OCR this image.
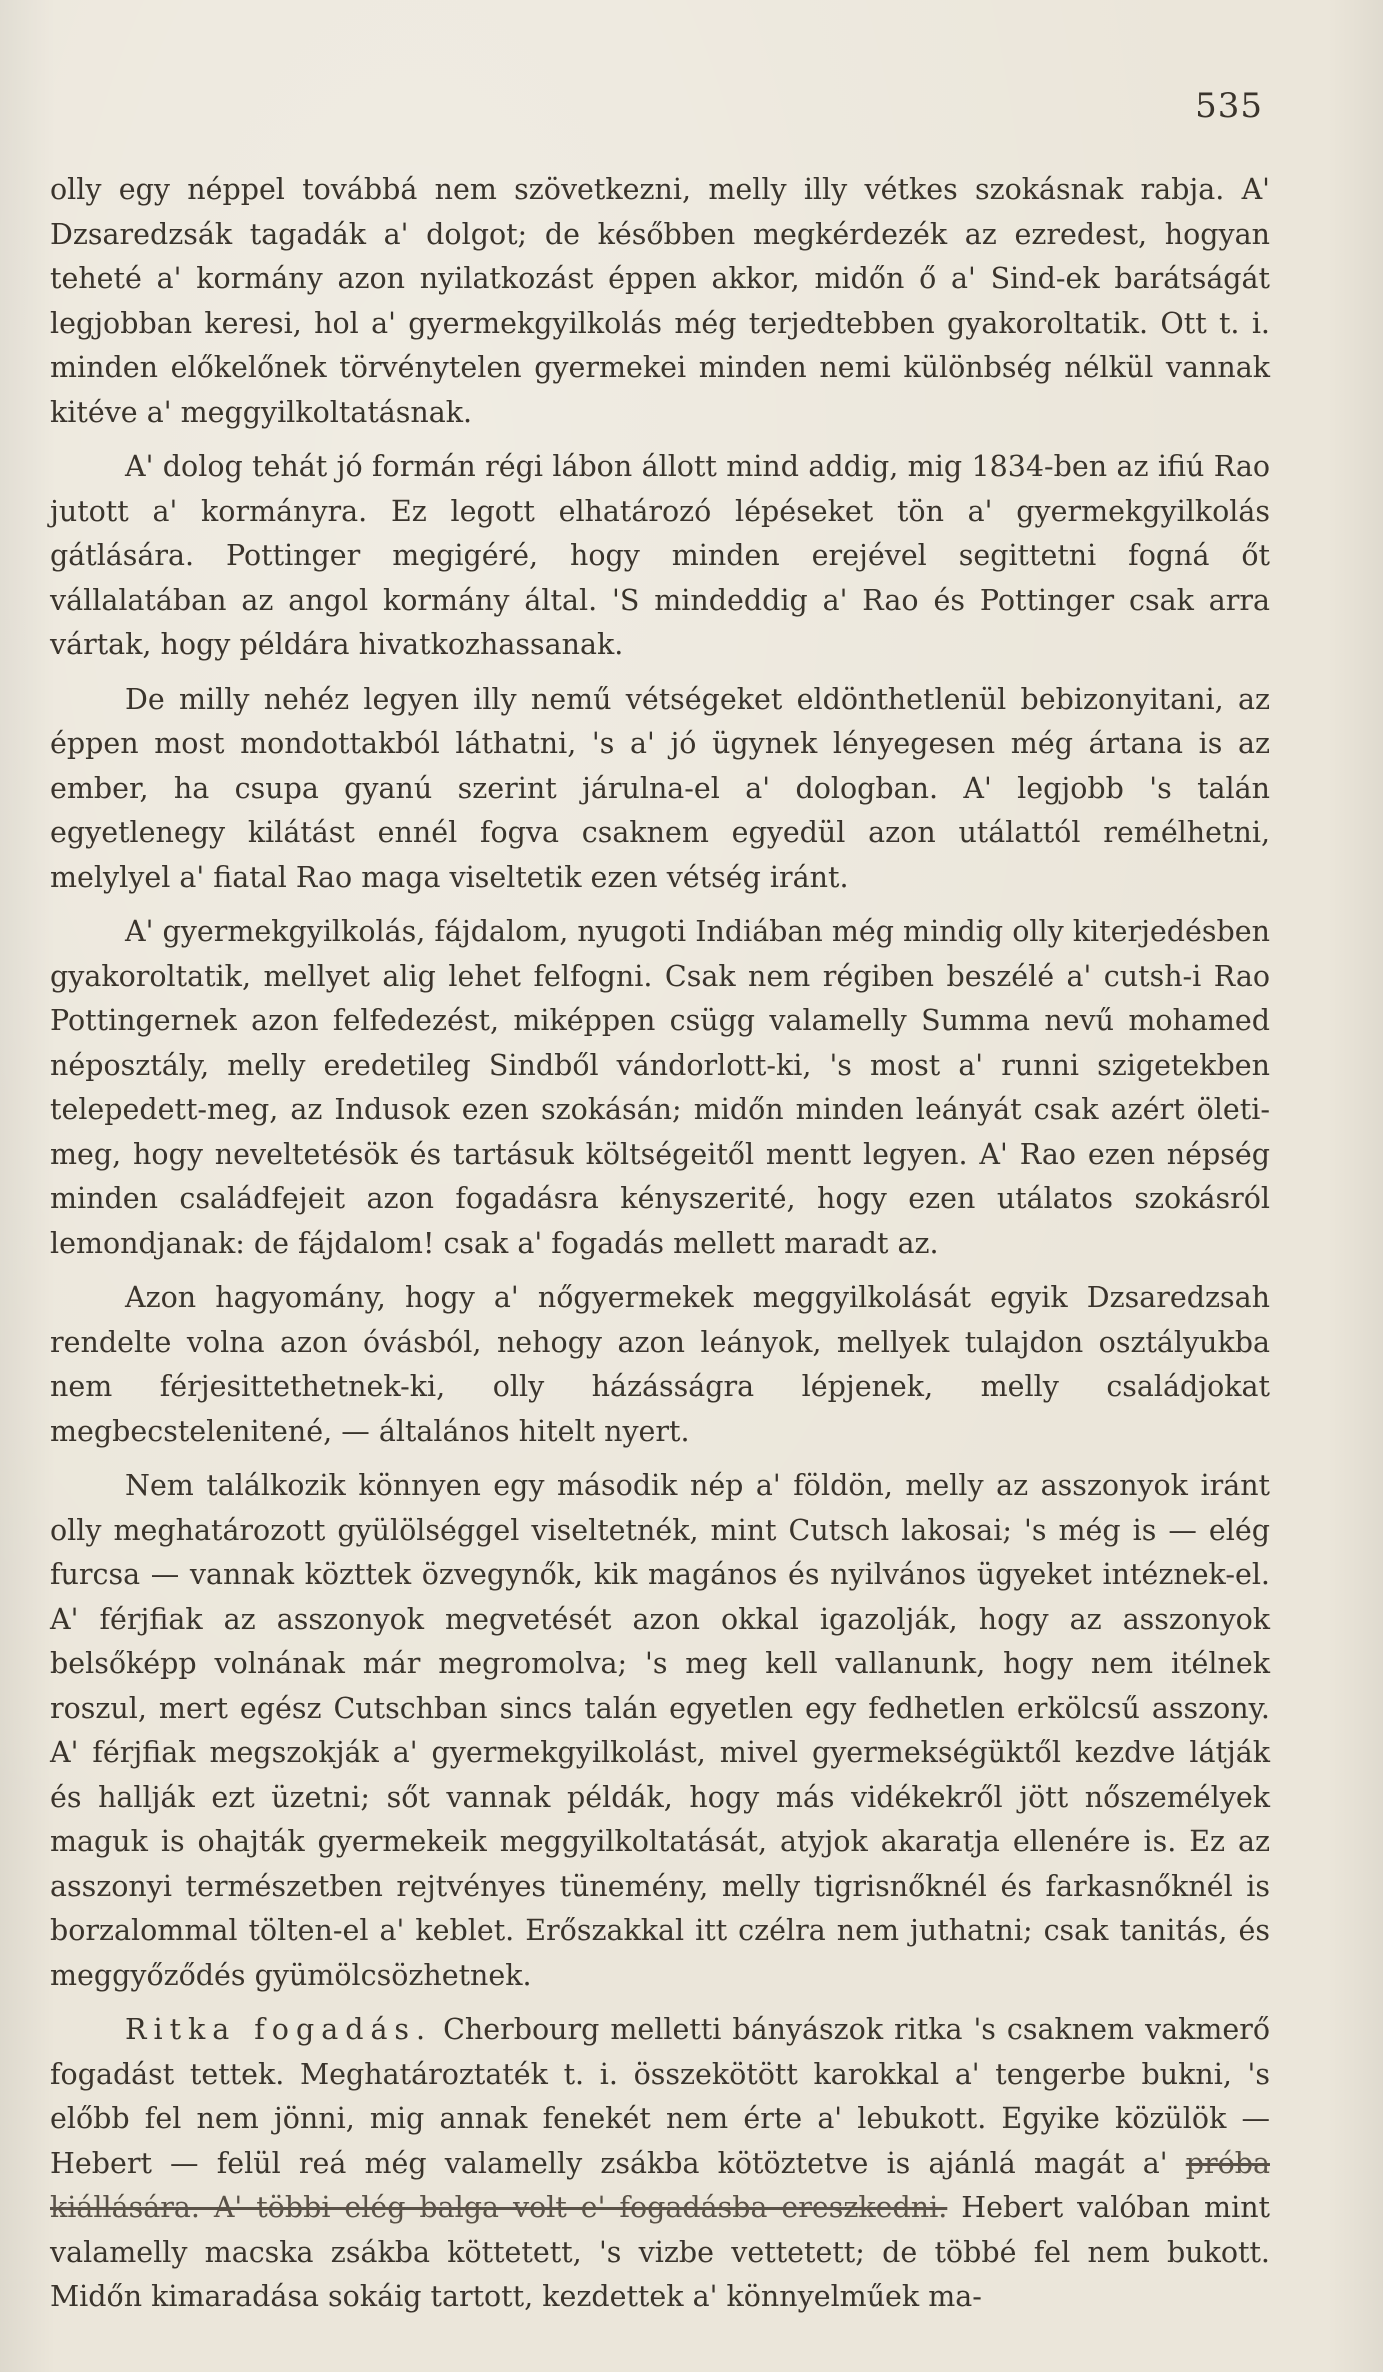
535

olly egy néppel továbbá nem szövetkezni, melly illy vétkes szokásnak rabja. A' Dzsaredzsák tagadák a' dolgot; de későbben megkérdezék az ezredest, hogyan teheté a' kormány azon nyilatkozást éppen akkor, midőn ő a' Sind-ek barátságát legjobban keresi, hol a' gyermekgyilkolás még terjedtebben gyakoroltatik. Ott t. i. minden előkelőnek törvénytelen gyermekei minden nemi különbség nélkül vannak kitéve a' meggyilkoltatásnak.

A' dolog tehát jó formán régi lábon állott mind addig, mig 1834-ben az ifiú Rao jutott a' kormányra. Ez legott elhatározó lépéseket tön a' gyermekgyilkolás gátlására. Pottinger megigéré, hogy minden erejével segittetni fogná őt vállalatában az angol kormány által. 'S mindeddig a' Rao és Pottinger csak arra vártak, hogy példára hivatkozhassanak.

De milly nehéz legyen illy nemű vétségeket eldönthetlenül bebizonyitani, az éppen most mondottakból láthatni, 's a' jó ügynek lényegesen még ártana is az ember, ha csupa gyanú szerint járulna-el a' dologban. A' legjobb 's talán egyetlenegy kilátást ennél fogva csaknem egyedül azon utálattól remélhetni, melylyel a' fiatal Rao maga viseltetik ezen vétség iránt.

A' gyermekgyilkolás, fájdalom, nyugoti Indiában még mindig olly kiterjedésben gyakoroltatik, mellyet alig lehet felfogni. Csak nem régiben beszélé a' cutsh-i Rao Pottingernek azon felfedezést, miképpen csügg valamelly Summa nevű mohamed néposztály, melly eredetileg Sindből vándorlott-ki, 's most a' runni szigetekben telepedett-meg, az Indusok ezen szokásán; midőn minden leányát csak azért öleti-meg, hogy neveltetésök és tartásuk költségeitől mentt legyen. A' Rao ezen népség minden családfejeit azon fogadásra kényszerité, hogy ezen utálatos szokásról lemondjanak: de fájdalom! csak a' fogadás mellett maradt az.

Azon hagyomány, hogy a' nőgyermekek meggyilkolását egyik Dzsaredzsah rendelte volna azon óvásból, nehogy azon leányok, mellyek tulajdon osztályukba nem férjesittethetnek-ki, olly házásságra lépjenek, melly családjokat megbecstelenitené, — általános hitelt nyert.

Nem találkozik könnyen egy második nép a' földön, melly az asszonyok iránt olly meghatározott gyülölséggel viseltetnék, mint Cutsch lakosai; 's még is — elég furcsa — vannak közttek özvegynők, kik magános és nyilvános ügyeket intéznek-el. A' férjfiak az asszonyok megvetését azon okkal igazolják, hogy az asszonyok belsőképp volnának már megromolva; 's meg kell vallanunk, hogy nem itélnek roszul, mert egész Cutschban sincs talán egyetlen egy fedhetlen erkölcsű asszony. A' férjfiak megszokják a' gyermekgyilkolást, mivel gyermekségüktől kezdve látják és hallják ezt üzetni; sőt vannak példák, hogy más vidékekről jött nőszemélyek maguk is ohajták gyermekeik meggyilkoltatását, atyjok akaratja ellenére is. Ez az asszonyi természetben rejtvényes tünemény, melly tigrisnőknél és farkasnőknél is borzalommal tölten-el a' keblet. Erőszakkal itt czélra nem juthatni; csak tanitás, és meggyőződés gyümölcsözhetnek.

Ritka fogadás. Cherbourg melletti bányászok ritka 's csaknem vakmerő fogadást tettek. Meghatároztaték t. i. összekötött karokkal a' tengerbe bukni, 's előbb fel nem jönni, mig annak fenekét nem érte a' lebukott. Egyike közülök — Hebert — felül reá még valamelly zsákba kötöztetve is ajánlá magát a' próba kiállására. A' többi elég balga volt e' fogadásba ereszkedni. Hebert valóban mint valamelly macska zsákba köttetett, 's vizbe vettetett; de többé fel nem bukott. Midőn kimaradása sokáig tartott, kezdettek a' könnyelműek ma-
